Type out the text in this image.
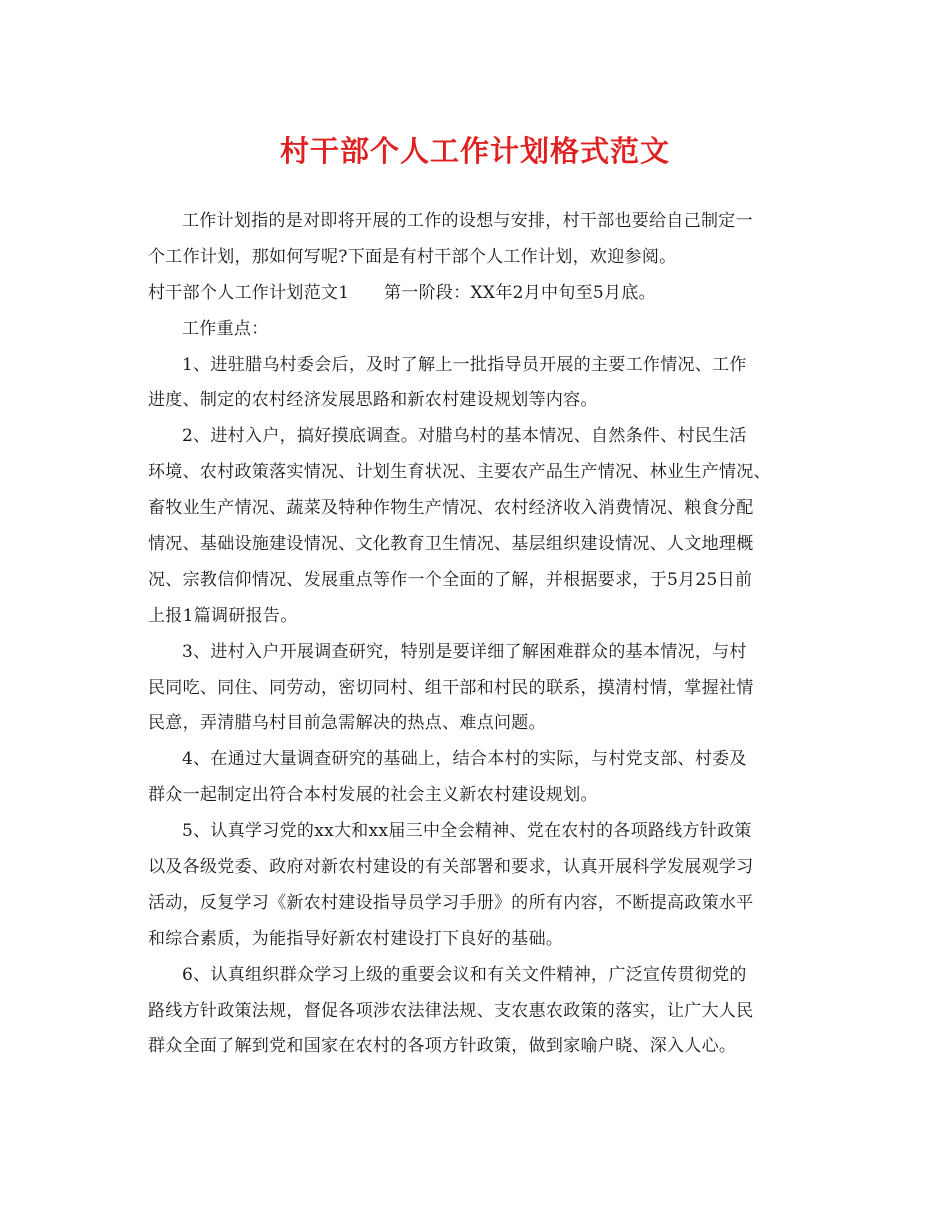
村干部个人工作计划格式范文
工作计划指的是对即将开展的工作的设想与安排，村干部也要给自己制定一
个工作计划，那如何写呢?下面是有村干部个人工作计划，欢迎参阅。
村干部个人工作计划范文1　　第一阶段：XX年2月中旬至5月底。
工作重点：
1、进驻腊乌村委会后，及时了解上一批指导员开展的主要工作情况、工作
进度、制定的农村经济发展思路和新农村建设规划等内容。
2、进村入户，搞好摸底调查。对腊乌村的基本情况、自然条件、村民生活
环境、农村政策落实情况、计划生育状况、主要农产品生产情况、林业生产情况、
畜牧业生产情况、蔬菜及特种作物生产情况、农村经济收入消费情况、粮食分配
情况、基础设施建设情况、文化教育卫生情况、基层组织建设情况、人文地理概
况、宗教信仰情况、发展重点等作一个全面的了解，并根据要求，于5月25日前
上报1篇调研报告。
3、进村入户开展调查研究，特别是要详细了解困难群众的基本情况，与村
民同吃、同住、同劳动，密切同村、组干部和村民的联系，摸清村情，掌握社情
民意，弄清腊乌村目前急需解决的热点、难点问题。
4、在通过大量调查研究的基础上，结合本村的实际，与村党支部、村委及
群众一起制定出符合本村发展的社会主义新农村建设规划。
5、认真学习党的xx大和xx届三中全会精神、党在农村的各项路线方针政策
以及各级党委、政府对新农村建设的有关部署和要求，认真开展科学发展观学习
活动，反复学习《新农村建设指导员学习手册》的所有内容，不断提高政策水平
和综合素质，为能指导好新农村建设打下良好的基础。
6、认真组织群众学习上级的重要会议和有关文件精神，广泛宣传贯彻党的
路线方针政策法规，督促各项涉农法律法规、支农惠农政策的落实，让广大人民
群众全面了解到党和国家在农村的各项方针政策，做到家喻户晓、深入人心。
